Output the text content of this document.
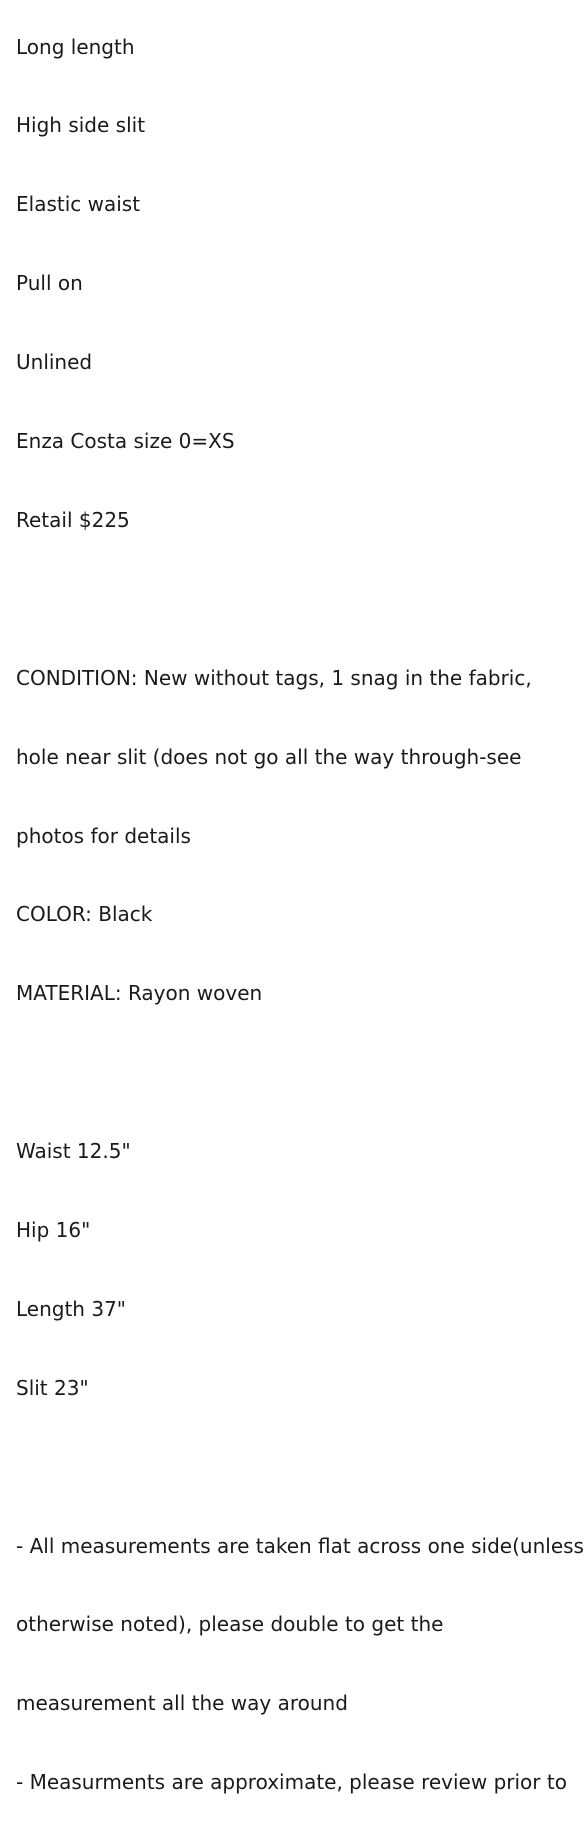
Long length

High side slit

Elastic waist

Pull on

Unlined

Enza Costa size 0=XS

Retail $225

CONDITION: New without tags, 1 snag in the fabric,

hole near slit (does not go all the way through-see

photos for details

COLOR: Black

MATERIAL: Rayon woven

Waist 12.5"

Hip 16"

Length 37"

Slit 23"

- All measurements are taken flat across one side(unless

otherwise noted), please double to get the

measurement all the way around

- Measurments are approximate, please review prior to
